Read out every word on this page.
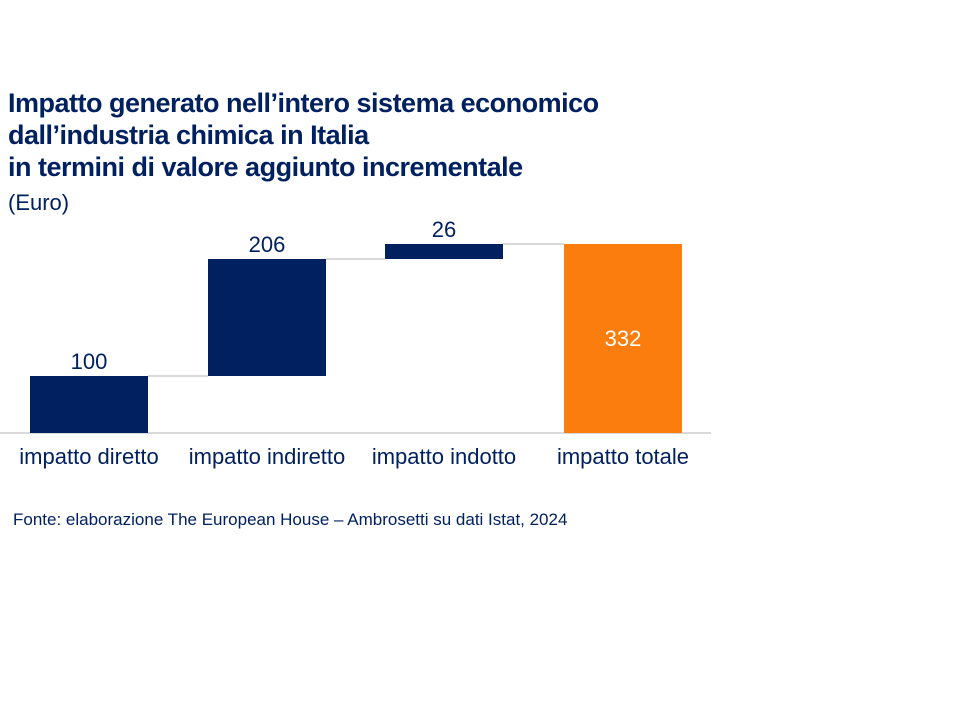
Impatto generato nell’intero sistema economico
dall’industria chimica in Italia
in termini di valore aggiunto incrementale
(Euro)
100
impatto diretto
206
impatto indiretto
26
impatto indotto
332
impatto totale
Fonte: elaborazione The European House – Ambrosetti su dati Istat, 2024
